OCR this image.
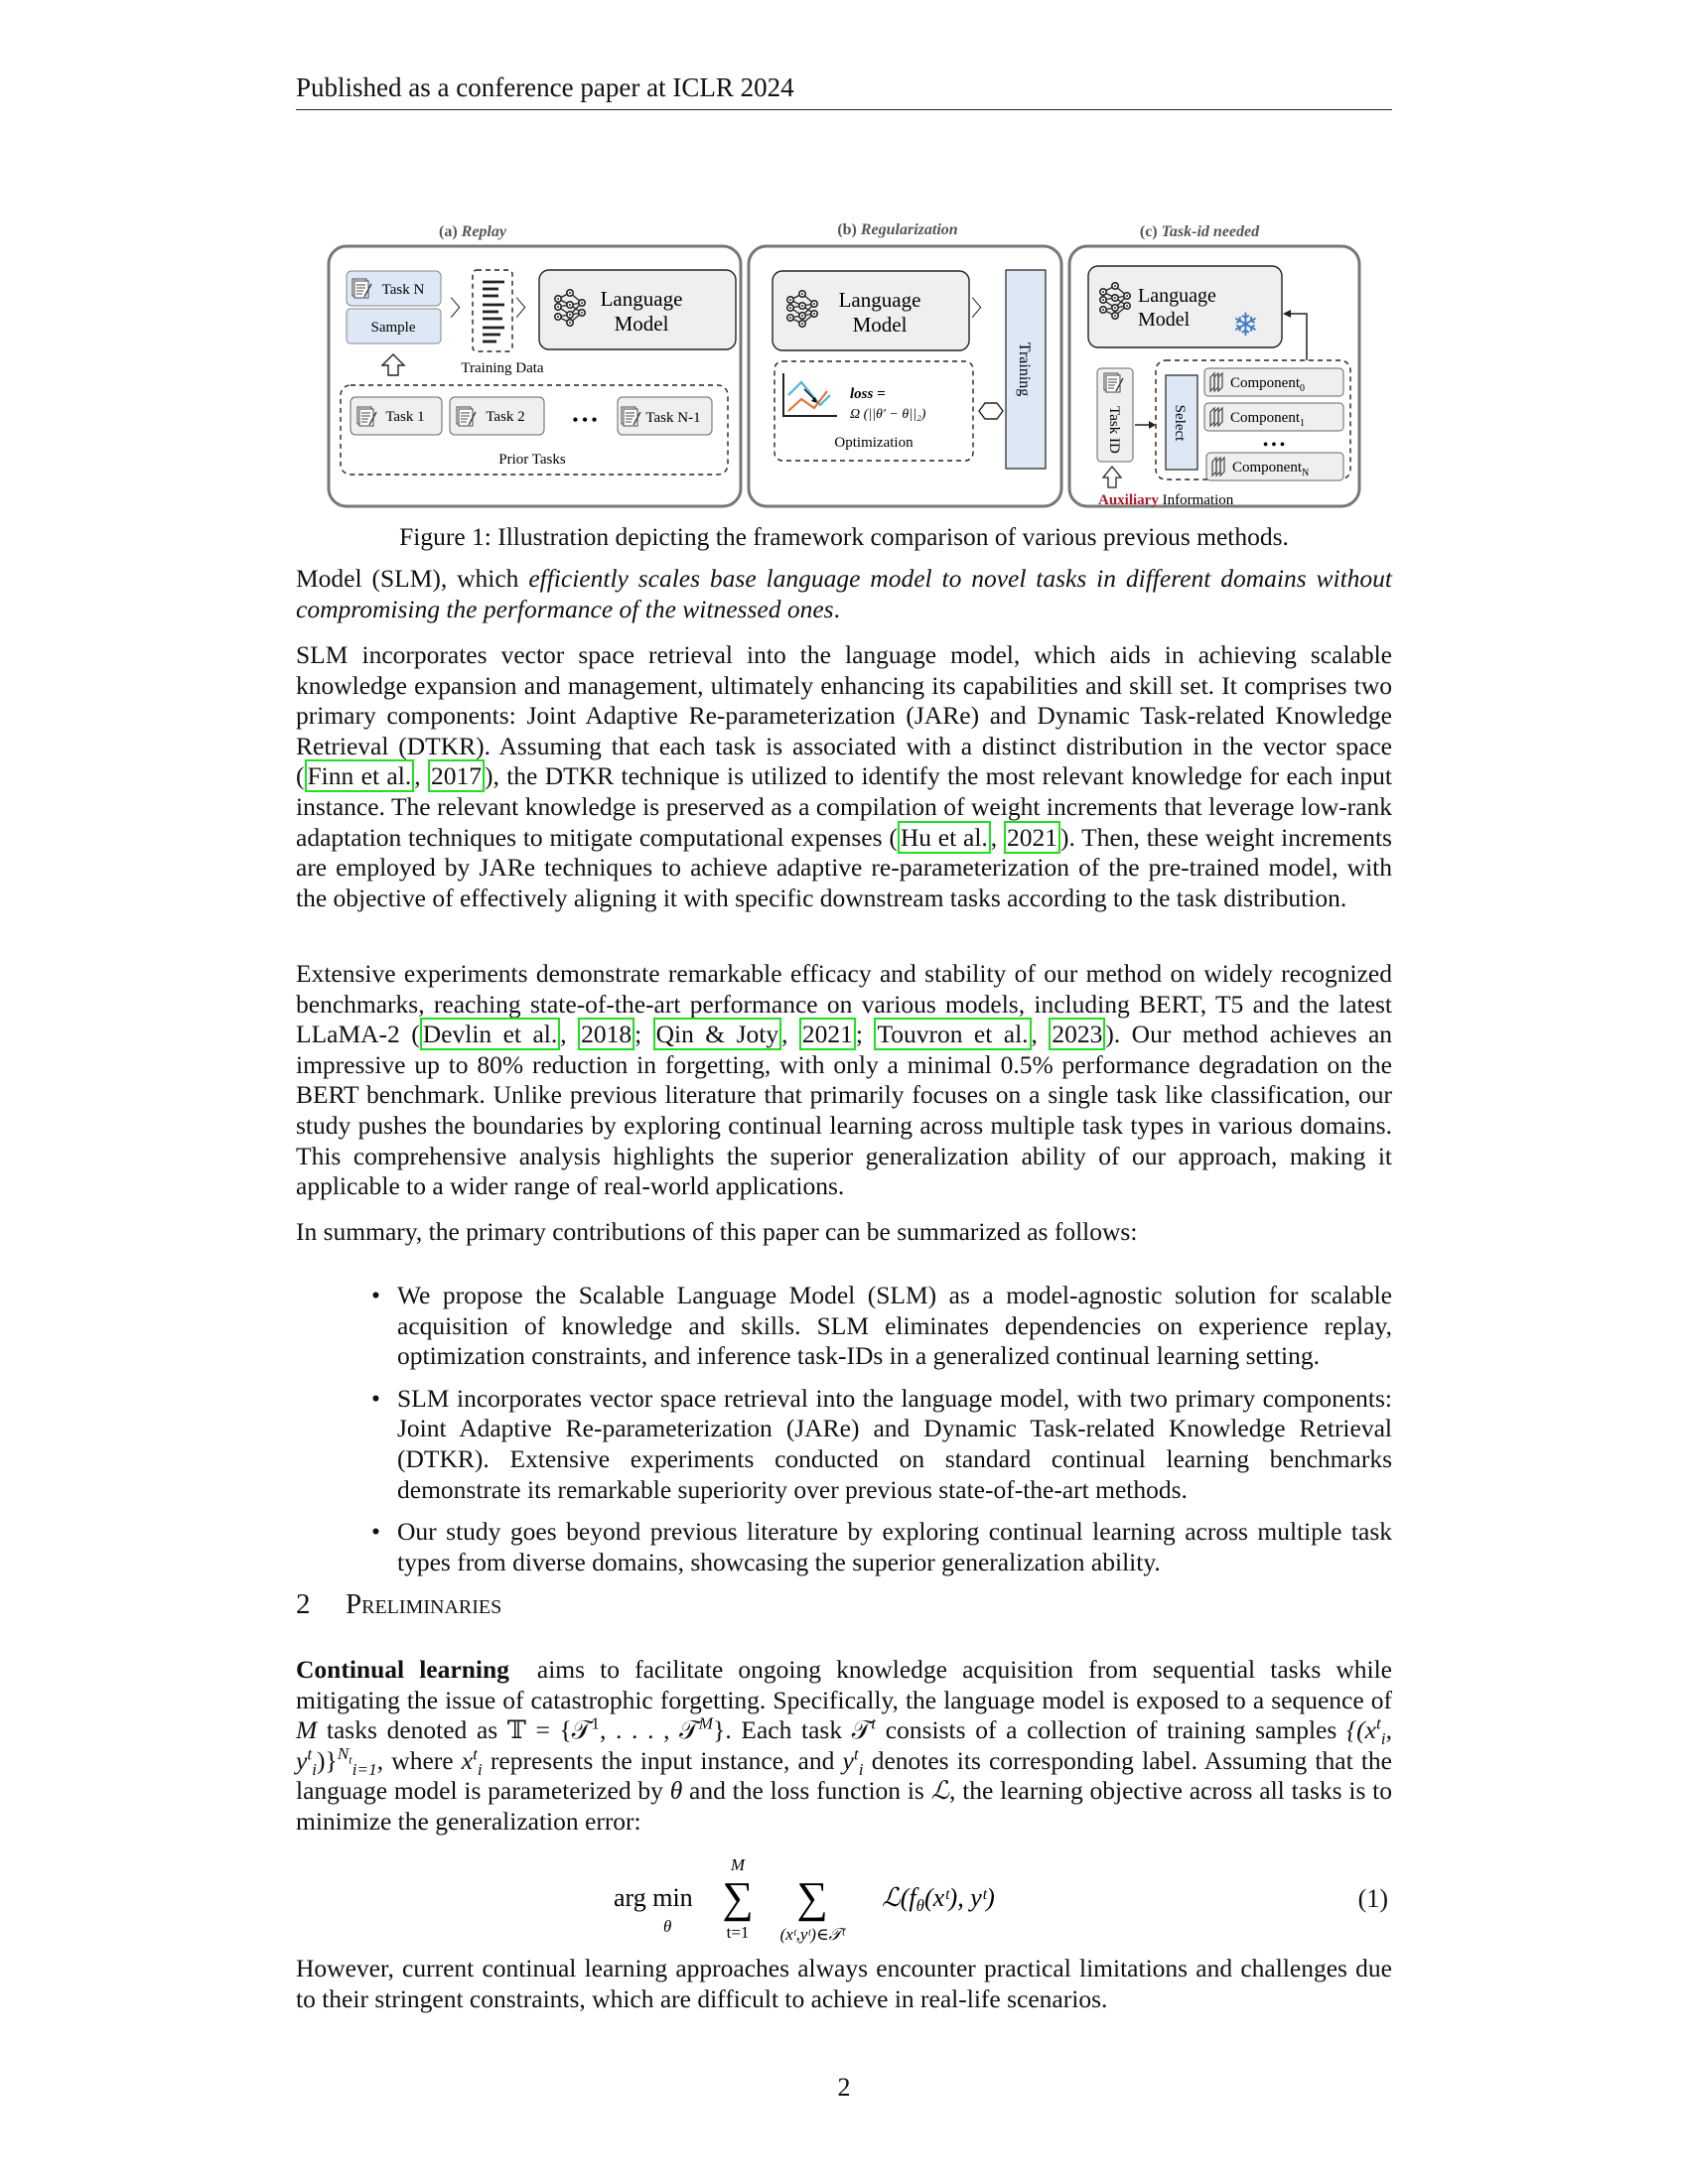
Published as a conference paper at ICLR 2024
(a) Replay
Task N
Sample
〉 〉	Language
Model
Training Data
Task 1	Task 2	• • •	Task N-1
Prior Tasks
(b) Regularization
Language
Model
〉
Training
loss =
Ω (||θ′ − θ||₂)
Optimization
(c) Task-id needed
Language
Model ❄
Task ID	Select
Component$_0$
Component$_1$
• • •
Component$_N$
Auxiliary Information
Figure 1: Illustration depicting the framework comparison of various previous methods.
Model (SLM), which efficiently scales base language model to novel tasks in different domains without compromising the performance of the witnessed ones.
SLM incorporates vector space retrieval into the language model, which aids in achieving scalable knowledge expansion and management, ultimately enhancing its capabilities and skill set. It comprises two primary components: Joint Adaptive Re-parameterization (JARe) and Dynamic Task-related Knowledge Retrieval (DTKR). Assuming that each task is associated with a distinct distribution in the vector space ( Finn et al. , 2017 ), the DTKR technique is utilized to identify the most relevant knowledge for each input instance. The relevant knowledge is preserved as a compilation of weight increments that leverage low-rank adaptation techniques to mitigate computational expenses ( Hu et al. , 2021 ). Then, these weight increments are employed by JARe techniques to achieve adaptive re-parameterization of the pre-trained model, with the objective of effectively aligning it with specific downstream tasks according to the task distribution.
Extensive experiments demonstrate remarkable efficacy and stability of our method on widely recognized benchmarks, reaching state-of-the-art performance on various models, including BERT, T5 and the latest LLaMA-2 ( Devlin et al. , 2018 ; Qin & Joty , 2021 ; Touvron et al. , 2023 ). Our method achieves an impressive up to 80% reduction in forgetting, with only a minimal 0.5% performance degradation on the BERT benchmark. Unlike previous literature that primarily focuses on a single task like classification, our study pushes the boundaries by exploring continual learning across multiple task types in various domains. This comprehensive analysis highlights the superior generalization ability of our approach, making it applicable to a wider range of real-world applications.
In summary, the primary contributions of this paper can be summarized as follows:
• We propose the Scalable Language Model (SLM) as a model-agnostic solution for scalable acquisition of knowledge and skills. SLM eliminates dependencies on experience replay, optimization constraints, and inference task-IDs in a generalized continual learning setting.
• SLM incorporates vector space retrieval into the language model, with two primary components: Joint Adaptive Re-parameterization (JARe) and Dynamic Task-related Knowledge Retrieval (DTKR). Extensive experiments conducted on standard continual learning benchmarks demonstrate its remarkable superiority over previous state-of-the-art methods.
• Our study goes beyond previous literature by exploring continual learning across multiple task types from diverse domains, showcasing the superior generalization ability.
2 Preliminaries
Continual learning aims to facilitate ongoing knowledge acquisition from sequential tasks while mitigating the issue of catastrophic forgetting. Specifically, the language model is exposed to a sequence of M tasks denoted as 𝕋 = {𝒯$^1$, . . . , 𝒯$^M$}. Each task 𝒯$^t$ consists of a collection of training samples {($x^t_i$, $y^t_i)\}^{N_t}_{i=1}$, where $x^t_i$ represents the input instance, and $y^t_i$ denotes its corresponding label. Assuming that the language model is parameterized by θ and the loss function is ℒ, the learning objective across all tasks is to minimize the generalization error:
arg min
θ
M
∑
t=1
∑
(xᵗ,yᵗ)∈𝒯ᵗ
ℒ(fθ(xᵗ), yᵗ)	(1)
However, current continual learning approaches always encounter practical limitations and challenges due to their stringent constraints, which are difficult to achieve in real-life scenarios.
2
